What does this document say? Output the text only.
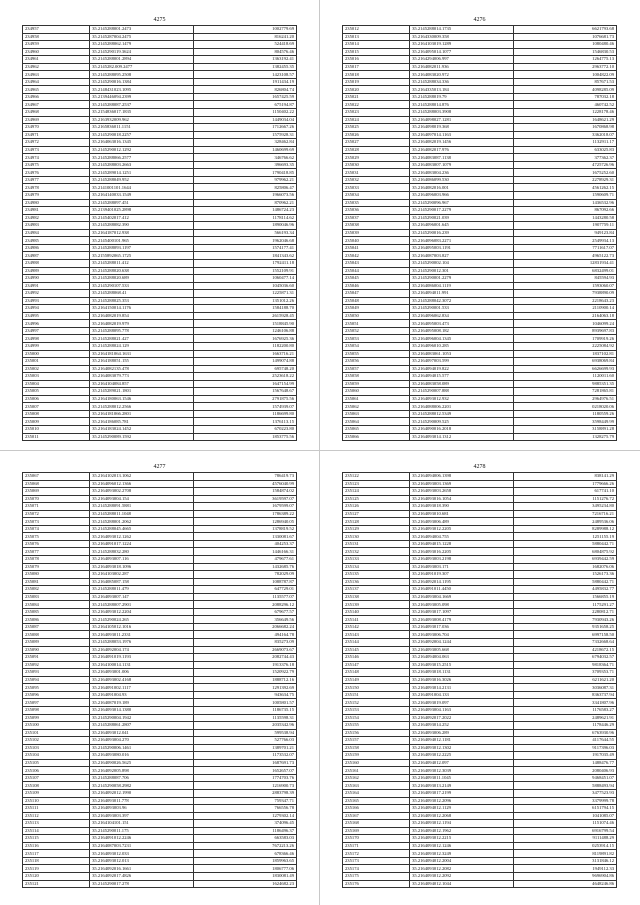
4275
234957	35.2145288001.2473	1002779.69
234958	35.2145287004.2475	816241.20
234959	35.2145288062.1479	524418.69
234960	35.2145290119.3624	804576.46
234961	35.2145288001.2894	1363192.41
234962	35.2145282.009.2477	1382455.35
234963	35.2145288095.2508	1423108.57
234964	35.2145290016.1384	1911434.19
234965	35.2148431023.1095	826804.74
234966	35.2139446094.2399	1657425.59
234967	35.2145288087.2537	675194.87
234968	35.2154836017.1835	1150402.22
234969	35.2163932009.962	1449034.04
234970	35.2165836011.1151	1712667.26
234971	35.2145290018.2257	1575928.31
234972	35.2164063016.1345	328462.84
234973	35.2145290012.1292	1460699.69
234974	35.2145288066.2577	346766.62
234975	35.2145288003.2663	396693.35
234976	35.2145289014.1251	1790418.85
234977	35.2145288049.952	979962.21
234978	35.2141001101.1644	825806.47
234979	35.2164140033.1549	1966073.56
234980	35.2145288097.451	870962.21
234981	35.2139401025.2898	1486724.23
234982	35.2145402017.412	1178114.62
234983	35.2145288082.390	1890046.96
234984	35.2164187012.938	566193.34
234985	35.2145400101.965	1962046.68
234986	35.2145288093.1197	1574177.41
234987	35.2155892065.1725	1841343.62
234988	35.2145288011.412	1792411.18
234989	35.2145288020.638	1552109.91
234990	35.2145288020.689	1060477.14
234991	35.2145290107.533	1045036.60
234992	35.2145288068.41	1225871.31
234993	35.2145288025.353	1351012.26
234994	35.2164150014.1176	1584188.70
234995	35.2164082019.854	2615928.45
234996	35.2164082019.979	1518845.90
234997	35.2145288095.778	1246106.88
234998	35.2145288021.427	1676925.36
234999	35.2145288024.129	1182200.80
235000	35.2164181064.1631	1663716.21
235001	35.2164188051.155	1499074.88
235002	35.2164082135.478	695748.20
235003	35.2164083079.773	2523618.22
235004	35.2164104084.857	1647154.99
235005	35.2145289021.1801	1567648.67
235006	35.2164180063.1546	2791875.56
235007	35.2145288012.2566	1574939.07
235008	35.2164181066.2801	1186699.80
235009	35.2164186085.781	1376113.15
235010	35.2164183024.1452	670223.80
235011	35.2145290089.1592	1853775.56
4276
235012	35.2145288014.1735	6621793.68
235013	35.2164330009.358	1076681.73
235014	35.2164103019.1289	1080480.46
235015	35.2164095014.1077	1546830.53
235016	35.2164294006.997	1264775.13
235017	35.2164082011.936	2963772.10
235018	35.2164083020.972	1004822.09
235019	35.2145288034.336	857671.53
235020	35.2164335013.184	4098285.09
235021	35.2145288019.79	787032.18
235022	35.2145288014.876	460742.52
235023	35.2145288003.3908	1228178.46
235024	35.2164098027.1281	1648621.29
235025	35.2164098019.368	1670868.98
235026	35.2164097014.1163	3362018.07
235027	35.2164082019.1456	1132911.17
235028	35.2164082017.976	633025.83
235029	35.2164083087.1138	377362.37
235030	35.2164083007.1079	4725726.96
235031	35.2164083004.236	1675252.60
235032	35.2164086099.530	2278929.31
235033	35.2164082016.001	4561262.15
235034	35.2164096003.966	1590609.71
235035	35.2145290096.967	1436532.96
235036	35.2145290017.2279	867092.66
235037	35.2145290021.039	1443280.58
235038	35.2164096001.645	1907759.11
235039	35.2145290016.239	949123.84
235040	35.2164096083.2271	2549934.13
235041	35.2164095003.1191	7711617.07
235042	35.2164087003.827	4965122.73
235043	35.2145290002.104	12831934.41
235044	35.2145290012.301	6832499.01
235045	35.2145290001.2279	845594.93
235046	35.2164086004.1119	1593060.07
235047	35.2164094011.991	7938890.09
235048	35.2145288042.3072	2218643.23
235049	35.2145290001.533	2110900.14
235050	35.2164096062.834	2164063.18
235051	35.2164095003.473	1046099.24
235052	35.2164095008.182	8939697.83
235053	35.2164096004.1345	1709919.26
235054	35.2164096010.285	2225084.92
235055	35.2164083061.1053	1837102.81
235056	35.2164097003.599	6938069.84
235057	35.2164094019.822	6626699.93
235058	35.2164094015.577	1120011.60
235059	35.2164083058.089	9885351.35
235060	35.2145290007.888	7281865.81
235061	35.2164093012.932	2964976.51
235062	35.2164088006.2201	0218020.06
235063	35.2145288012.5349	1180559.26
235064	35.2145290009.525	3598449.99
235065	35.2164090016.2018	3158891.28
235066	35.2164093014.1312	1328275.79
4277
235067	35.2164102013.1062	786419.73
235068	35.2164096012.1366	4576040.99
235069	35.2164093002.2708	1584874.02
235070	35.2164093004.154	3619597.07
235071	35.2145288091.5881	1679599.07
235072	35.2145288011.1048	1786389.22
235073	35.2145288001.2062	1286940.05
235074	35.2145288045.4665	1378819.52
235075	35.2164093012.1262	1330081.67
235076	35.2164091017.1224	404253.37
235077	35.2145288032.280	1446166.31
235078	35.2164093007.116	479677.61
235079	35.2164093018.1096	1432685.76
235080	35.2164103002.287	782029.09
235081	35.2164085087.158	1088787.87
235082	35.2145288011.479	647729.01
235083	35.2164093007.147	1135577.07
235084	35.2145288007.2901	2088296.12
235085	35.2164093012.2204	679677.57
235086	35.2145290024.265	356649.56
235087	35.2164105012.1016	2066682.24
235088	35.2164093011.2331	494164.78
235089	35.2145288053.1976	835273.09
235090	35.2164092004.174	2669073.67
235091	35.2164091019.1193	2082744.43
235092	35.2164100014.1131	1913376.18
235093	35.2164093001.006	1520922.79
235094	35.2164093002.4168	1888712.16
235095	35.2164091002.1117	1291392.69
235096	35.2164091004.93	943634.75
235097	35.2164087019.189	1005801.57
235098	35.2164093014.1380	1186735.15
235099	35.2145290004.1942	1135598.31
235100	35.2145288061.2807	2035342.96
235101	35.2164093012.041	599538.94
235102	35.2164093004.270	527766.03
235103	35.2145290006.1461	1389701.21
235104	35.2164093080.016	1173532.07
235105	35.2164090026.5625	1687691.73
235106	35.2164092005.898	1652657.07
235107	35.2145288087.706	1774703.76
235108	35.2145290058.2982	1216900.73
235109	35.2164092012.1990	2883798.39
235110	35.2164093011.778	759347.71
235111	35.2164093003.96	766556.78
235112	35.2164093003.397	1279302.14
235113	35.2164104101.151	374096.45
235114	35.2145290011.175	1186496.37
235115	35.2164091012.2246	663583.03
235116	35.2164087003.7231	7672213.26
235117	35.2164093012.033	678366.46
235118	35.2164093012.013	1859963.65
235119	35.2164092016.1661	1806777.06
235120	35.2164092017.4826	1830081.49
235121	35.2145290017.278	1624682.23
4278
235122	35.2164094006.1398	838141.29
235123	35.2164093003.1369	1779666.26
235124	35.2164093003.2658	617741.10
235125	35.2164093016.1054	1151276.72
235126	35.2164093018.390	3495234.80
235127	35.2164093010.681	7216716.21
235128	35.2164093006.489	2489536.06
235129	35.2164093012.2205	8289988.12
235130	35.2164094004.755	1251155.19
235131	35.2164094015.1228	5880442.71
235132	35.2164093016.2205	6804875.92
235133	35.2164093003.2198	6939442.59
235134	35.2164093003.171	1682076.06
235135	35.2164091019.307	1526173.36
235136	35.2164092014.1195	5880442.71
235137	35.2164091011.4450	4495832.77
235138	35.2164093004.1669	1566855.19
235139	35.2164093005.098	1175291.27
235140	35.2164093017.1097	2280812.71
235141	35.2164093008.4179	7930943.26
235142	35.2164093017.036	9351658.25
235143	35.2164093006.704	6997158.50
235144	35.2164092004.1244	7332668.64
235145	35.2164093005.668	4218672.15
235146	35.2164094004.063	6794032.57
235147	35.2164093015.2515	9818364.71
235148	35.2164093018.1131	3709353.71
235149	35.2164093016.3026	6211621.20
235150	35.2164093014.2131	3036087.31
235151	35.2164091004.133	8363737.94
235152	35.2164093019.097	3341807.96
235153	35.2164093004.1163	1176583.27
235154	35.2164092017.2022	2489621.91
235155	35.2164093014.252	1178446.29
235156	35.2164093006.289	6763930.96
235157	35.2164094012.1181	4117644.55
235158	35.2164093012.1302	9117396.03
235159	35.2164093012.2225	1917035.49
235160	35.2164094012.097	1488476.77
235161	35.2164093012.3039	2080406.93
235162	35.2164093011.1045	9468451.07
235163	35.2164093013.2149	5888493.94
235164	35.2164093017.2199	3477523.93
235165	35.2164093012.2096	3379999.78
235166	35.2164094012.1129	6151794.15
235167	35.2164093012.2068	1041085.07
235168	35.2164093012.1194	1151074.46
235169	35.2164094012.1962	6916799.54
235170	35.2164093012.2215	9111488.29
235171	35.2164093012.1246	0253914.15
235172	35.2164093012.3249	8119891.82
235173	35.2164094012.2004	3131846.12
235174	35.2164093012.2082	1949112.33
235175	35.2164093012.2092	9696904.86
235176	35.2164094012.1044	4648246.86
